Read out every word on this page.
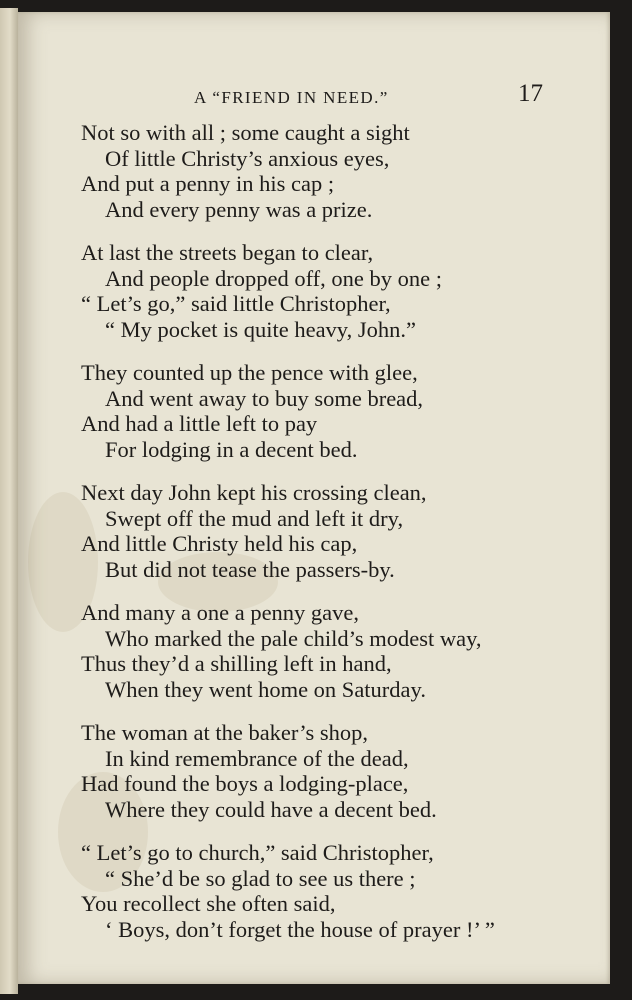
A “FRIEND IN NEED.”	17
Not so with all ; some caught a sight
Of little Christy’s anxious eyes,
And put a penny in his cap ;
And every penny was a prize.
At last the streets began to clear,
And people dropped off, one by one ;
“ Let’s go,” said little Christopher,
“ My pocket is quite heavy, John.”
They counted up the pence with glee,
And went away to buy some bread,
And had a little left to pay
For lodging in a decent bed.
Next day John kept his crossing clean,
Swept off the mud and left it dry,
And little Christy held his cap,
But did not tease the passers-by.
And many a one a penny gave,
Who marked the pale child’s modest way,
Thus they’d a shilling left in hand,
When they went home on Saturday.
The woman at the baker’s shop,
In kind remembrance of the dead,
Had found the boys a lodging-place,
Where they could have a decent bed.
“ Let’s go to church,” said Christopher,
“ She’d be so glad to see us there ;
You recollect she often said,
‘ Boys, don’t forget the house of prayer !’ ”
